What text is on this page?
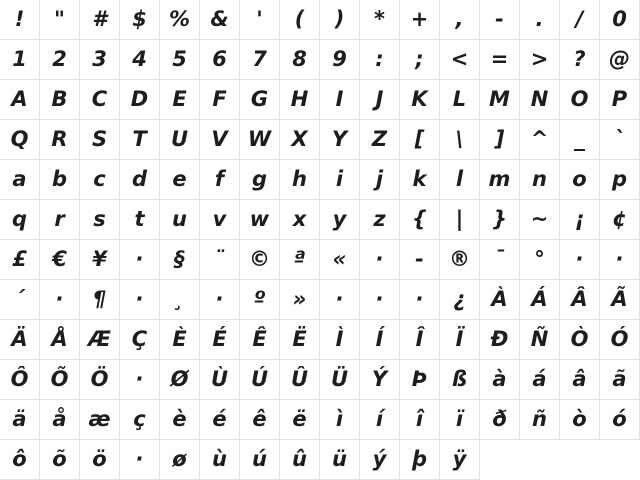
!	"	#	$	% &	'	(	)	*	+	,	-	.	/	0
1	2	3	4	5	6	7	8	9	:	;	<	=	>	?	@
A	B	C	D	E	F	G	H	I	J	K	L	M N	O	P
Q	R	S	T	U	V W X	Y	Z	[	\	]	^	_	`
a	b	c	d	e	f	g	h	i	j	k	l	m	n	o	p
q	r	s	t	u	v	w	x	y	z	{	|	}	~	¡	¢
£	€	¥	·	§	¨	©	ª	«	·	-	®	¯	°	·	·
´	·	¶	·	¸	·	º	»	·	·	·	¿	À	Á	Â	Ã
Ä	Å Æ Ç	È	É	Ê	Ë	Ì	Í	Î	Ï	Ð	Ñ	Ò	Ó
Ô	Õ	Ö	·	Ø	Ù	Ú	Û	Ü	Ý	Þ	ß	à	á	â	ã
ä	å	æ	ç	è	é	ê	ë	ì	í	î	ï	ð	ñ	ò	ó
ô	õ	ö	·	ø	ù	ú	û	ü	ý	þ	ÿ
